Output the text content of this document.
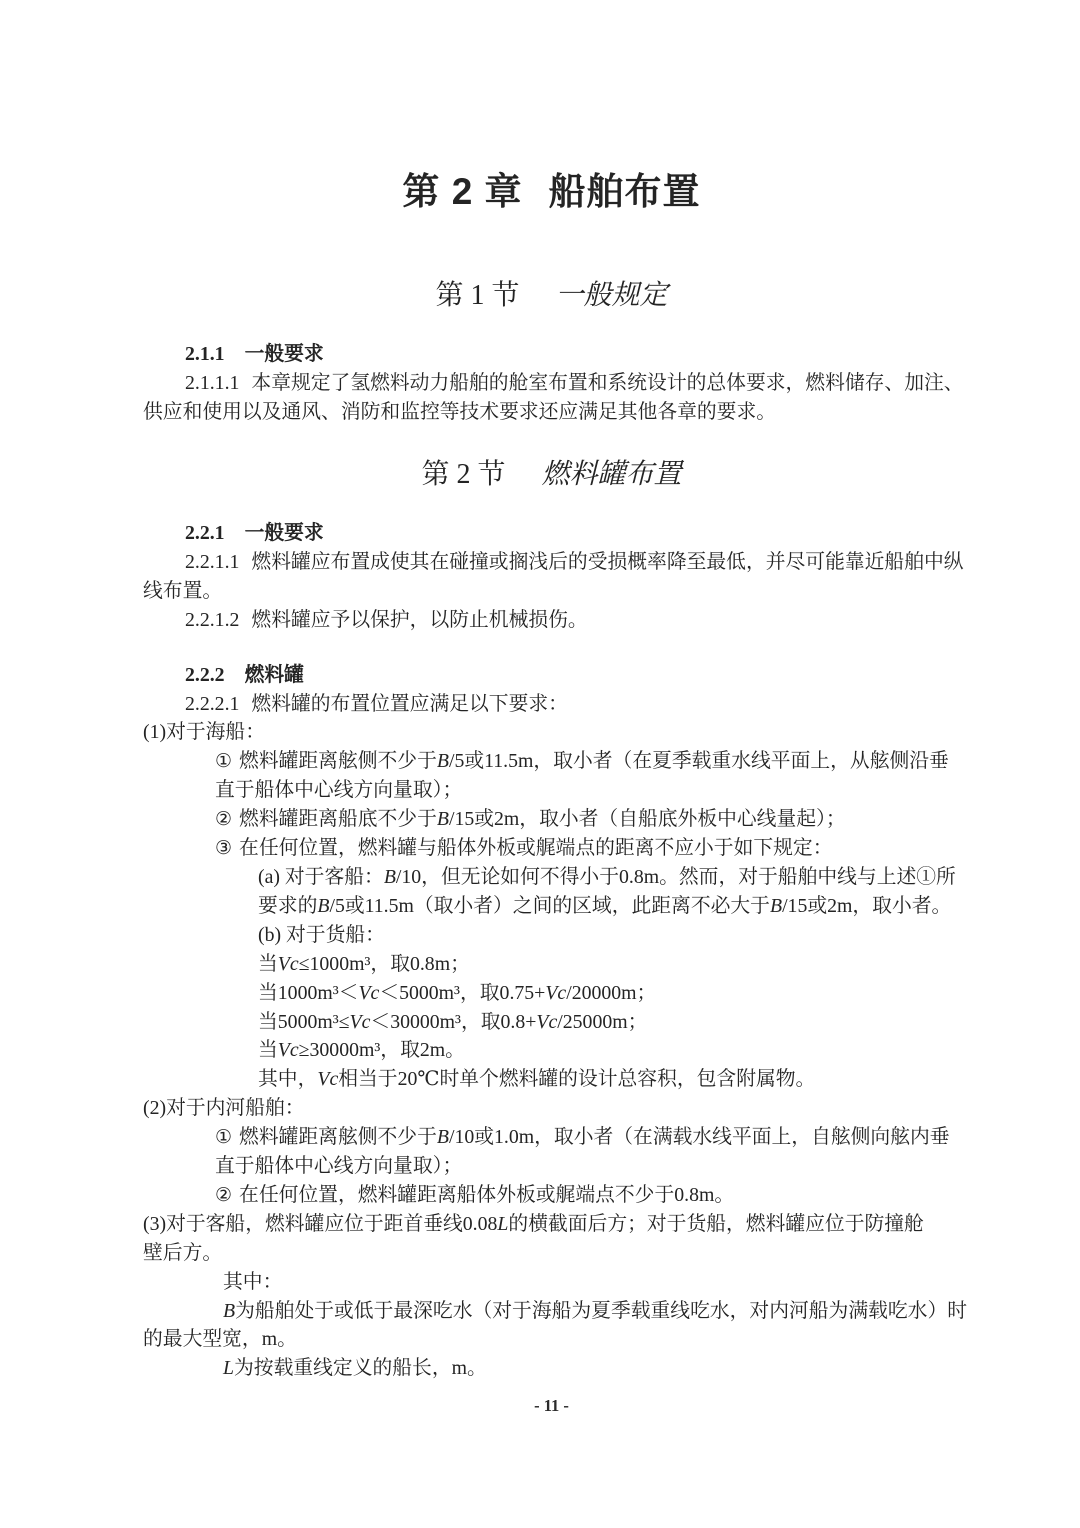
第 2 章 船舶布置
第 1 节 一般规定
2.1.1 一般要求
2.1.1.1 本章规定了氢燃料动力船舶的舱室布置和系统设计的总体要求，燃料储存、加注、
供应和使用以及通风、消防和监控等技术要求还应满足其他各章的要求。
第 2 节 燃料罐布置
2.2.1 一般要求
2.2.1.1 燃料罐应布置成使其在碰撞或搁浅后的受损概率降至最低，并尽可能靠近船舶中纵
线布置。
2.2.1.2 燃料罐应予以保护，以防止机械损伤。
2.2.2 燃料罐
2.2.2.1 燃料罐的布置位置应满足以下要求：
(1)对于海船：
① 燃料罐距离舷侧不少于B/5或11.5m，取小者（在夏季载重水线平面上，从舷侧沿垂
直于船体中心线方向量取）；
② 燃料罐距离船底不少于B/15或2m，取小者（自船底外板中心线量起）；
③ 在任何位置，燃料罐与船体外板或艉端点的距离不应小于如下规定：
(a) 对于客船：B/10，但无论如何不得小于0.8m。然而，对于船舶中线与上述①所
要求的B/5或11.5m（取小者）之间的区域，此距离不必大于B/15或2m，取小者。
(b) 对于货船：
当Vc≤1000m³，取0.8m；
当1000m³＜Vc＜5000m³，取0.75+Vc/20000m；
当5000m³≤Vc＜30000m³，取0.8+Vc/25000m；
当Vc≥30000m³，取2m。
其中，Vc相当于20℃时单个燃料罐的设计总容积，包含附属物。
(2)对于内河船舶：
① 燃料罐距离舷侧不少于B/10或1.0m，取小者（在满载水线平面上，自舷侧向舷内垂
直于船体中心线方向量取）；
② 在任何位置，燃料罐距离船体外板或艉端点不少于0.8m。
(3)对于客船，燃料罐应位于距首垂线0.08L的横截面后方；对于货船，燃料罐应位于防撞舱
壁后方。
其中：
B为船舶处于或低于最深吃水（对于海船为夏季载重线吃水，对内河船为满载吃水）时
的最大型宽，m。
L为按载重线定义的船长，m。
- 11 -
